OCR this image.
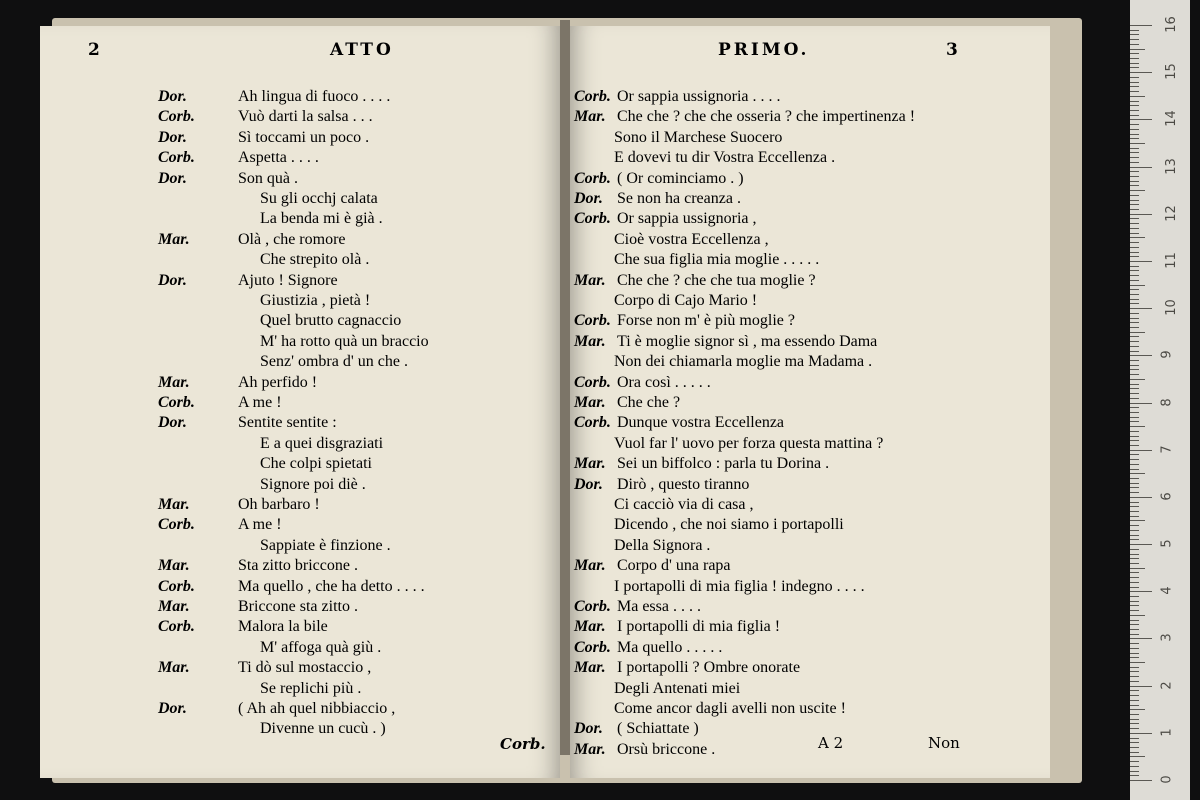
2	ATTO	PRIMO.	3
Dor.	Ah lingua di fuoco . . . .
Corb.	Vuò darti la salsa . . .
Dor.	Sì toccami un poco .
Corb.	Aspetta . . . .
Dor.	Son quà .
Su gli occhj calata
La benda mi è già .
Mar.	Olà , che romore
Che strepito olà .
Dor.	Ajuto ! Signore
Giustizia , pietà !
Quel brutto cagnaccio
M' ha rotto quà un braccio
Senz' ombra d' un che .
Mar.	Ah perfido !
Corb.	A me !
Dor.	Sentite sentite :
E a quei disgraziati
Che colpi spietati
Signore poi diè .
Mar.	Oh barbaro !
Corb.	A me !
Sappiate è finzione .
Mar.	Sta zitto briccone .
Corb.	Ma quello , che ha detto . . . .
Mar.	Briccone sta zitto .
Corb.	Malora la bile
M' affoga quà giù .
Mar.	Ti dò sul mostaccio ,
Se replichi più .
Dor.	( Ah ah quel nibbiaccio ,
Divenne un cucù . )
Corb. Or sappia ussignoria . . . .
Mar. Che che ? che che osseria ? che impertinenza !
Sono il Marchese Suocero
E dovevi tu dir Vostra Eccellenza .
Corb. ( Or cominciamo . )
Dor. Se non ha creanza .
Corb. Or sappia ussignoria ,
Cioè vostra Eccellenza ,
Che sua figlia mia moglie . . . . .
Mar. Che che ? che che tua moglie ?
Corpo di Cajo Mario !
Corb. Forse non m' è più moglie ?
Mar. Ti è moglie signor sì , ma essendo Dama
Non dei chiamarla moglie ma Madama .
Corb. Ora così . . . . .
Mar. Che che ?
Corb. Dunque vostra Eccellenza
Vuol far l' uovo per forza questa mattina ?
Mar. Sei un biffolco : parla tu Dorina .
Dor. Dirò , questo tiranno
Ci cacciò via di casa ,
Dicendo , che noi siamo i portapolli
Della Signora .
Mar. Corpo d' una rapa
I portapolli di mia figlia ! indegno . . . .
Corb. Ma essa . . . .
Mar. I portapolli di mia figlia !
Corb. Ma quello . . . . .
Mar. I portapolli ? Ombre onorate
Degli Antenati miei
Come ancor dagli avelli non uscite !
Dor. ( Schiattate )
Mar. Orsù briccone .
Corb.	A 2	Non
16
15
14
13
12
11
10
9
8
7
6
5
4
3
2
1
0
